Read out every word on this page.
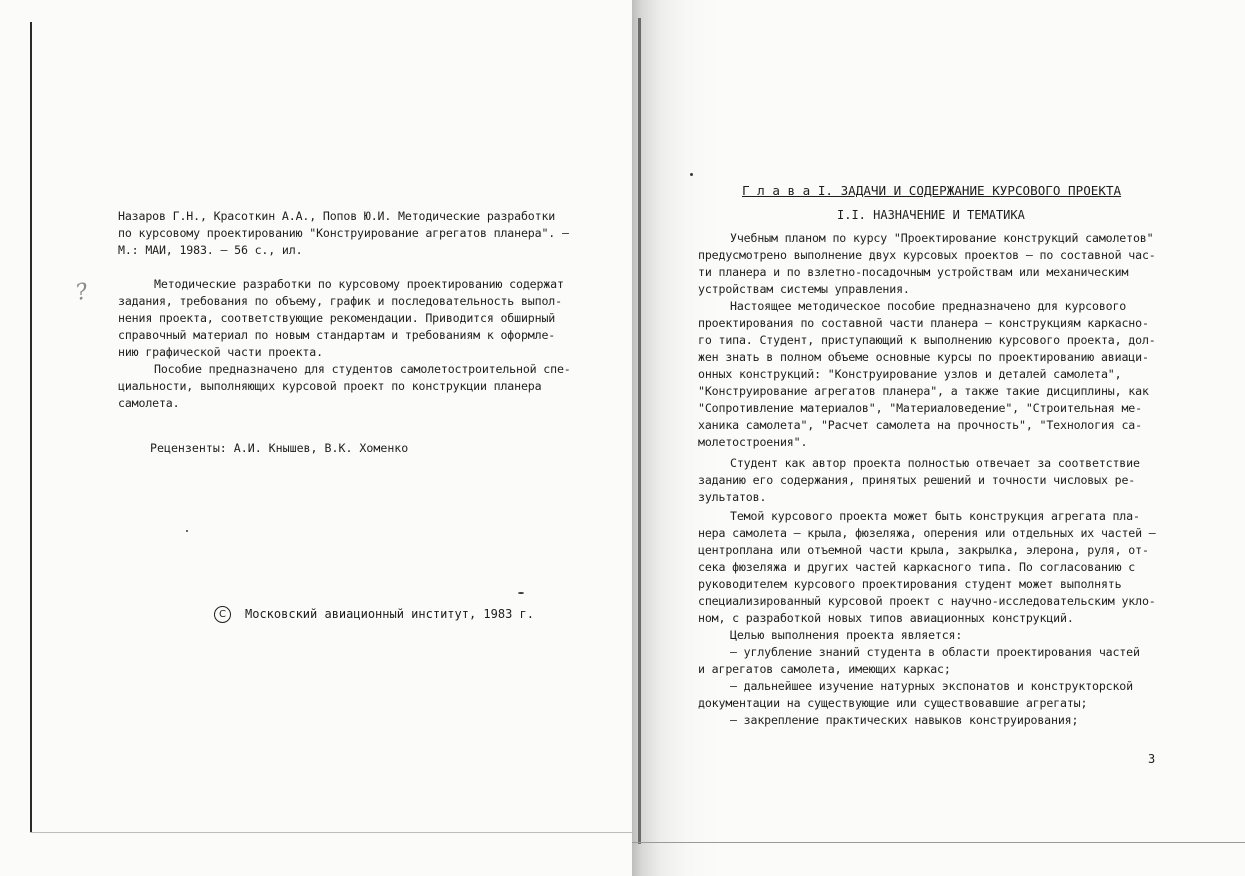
?
Назаров Г.Н., Красоткин А.А., Попов Ю.И. Методические разработки
по курсовому проектированию "Конструирование агрегатов планера". –
М.: МАИ, 1983. – 56 с., ил.
Методические разработки по курсовому проектированию содержат
задания, требования по объему, график и последовательность выпол-
нения проекта, соответствующие рекомендации. Приводится обширный
справочный материал по новым стандартам и требованиям к оформле-
нию графической части проекта.
Пособие предназначено для студентов самолетостроительной спе-
циальности, выполняющих курсовой проект по конструкции планера
самолета.
Рецензенты: А.И. Кнышев, В.К. Хоменко
C	Московский авиационный институт, 1983 г.
Г л а в а I. ЗАДАЧИ И СОДЕРЖАНИЕ КУРСОВОГО ПРОЕКТА
I.I. НАЗНАЧЕНИЕ И ТЕМАТИКА
Учебным планом по курсу "Проектирование конструкций самолетов"
предусмотрено выполнение двух курсовых проектов – по составной час-
ти планера и по взлетно-посадочным устройствам или механическим
устройствам системы управления.
Настоящее методическое пособие предназначено для курсового
проектирования по составной части планера – конструкциям каркасно-
го типа. Студент, приступающий к выполнению курсового проекта, дол-
жен знать в полном объеме основные курсы по проектированию авиаци-
онных конструкций: "Конструирование узлов и деталей самолета",
"Конструирование агрегатов планера", а также такие дисциплины, как
"Сопротивление материалов", "Материаловедение", "Строительная ме-
ханика самолета", "Расчет самолета на прочность", "Технология са-
молетостроения".
Студент как автор проекта полностью отвечает за соответствие
заданию его содержания, принятых решений и точности числовых ре-
зультатов.
Темой курсового проекта может быть конструкция агрегата пла-
нера самолета – крыла, фюзеляжа, оперения или отдельных их частей –
центроплана или отъемной части крыла, закрылка, элерона, руля, от-
сека фюзеляжа и других частей каркасного типа. По согласованию с
руководителем курсового проектирования студент может выполнять
специализированный курсовой проект с научно-исследовательским укло-
ном, с разработкой новых типов авиационных конструкций.
Целью выполнения проекта является:
– углубление знаний студента в области проектирования частей
и агрегатов самолета, имеющих каркас;
– дальнейшее изучение натурных экспонатов и конструкторской
документации на существующие или существовавшие агрегаты;
– закрепление практических навыков конструирования;
3
